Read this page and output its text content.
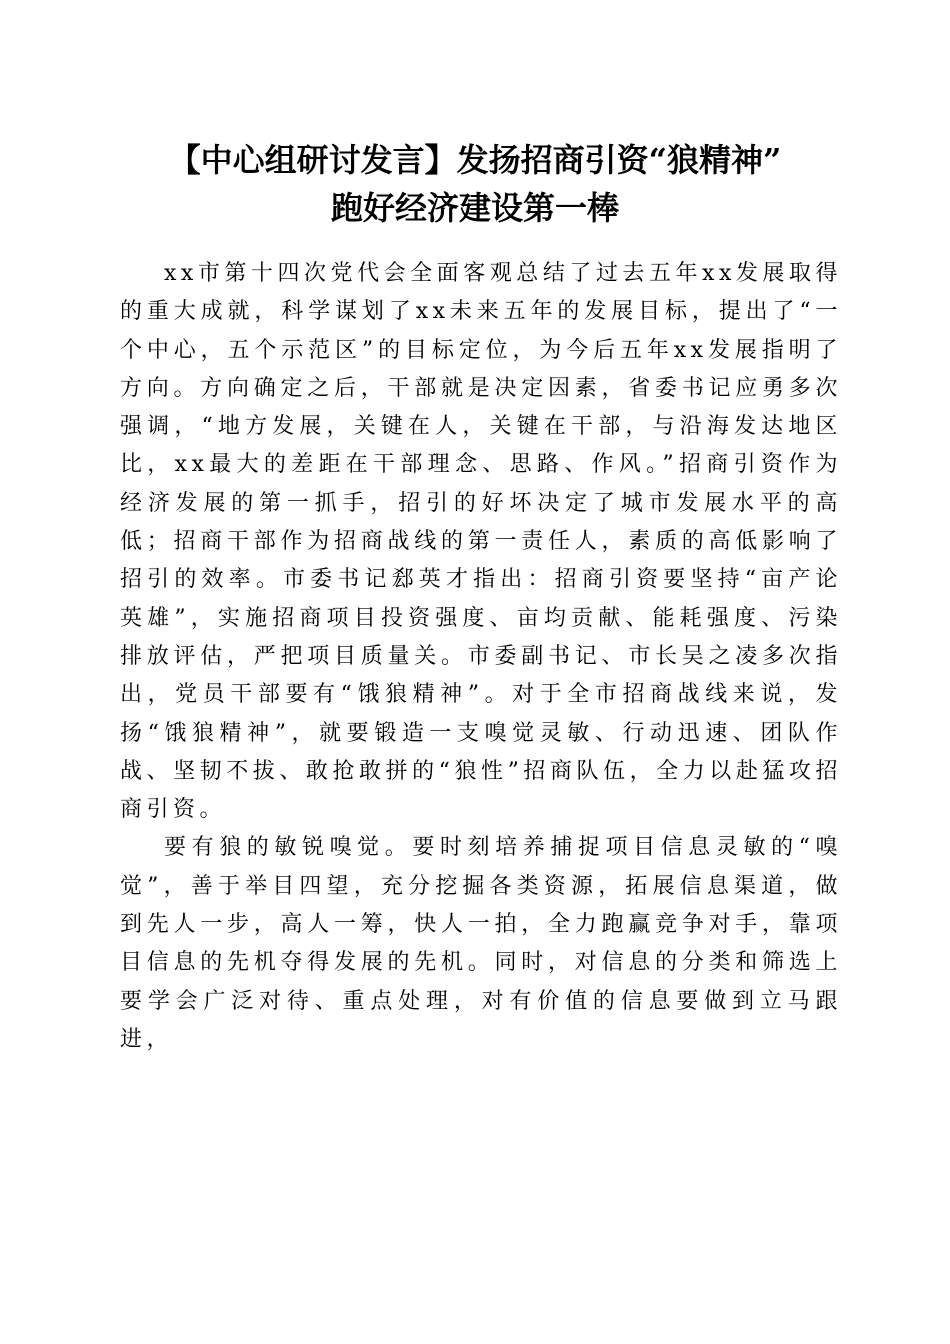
【中心组研讨发言】发扬招商引资“狼精神”
跑好经济建设第一棒

xx市第十四次党代会全面客观总结了过去五年xx发展取得的重大成就，科学谋划了xx未来五年的发展目标，提出了“一个中心，五个示范区”的目标定位，为今后五年xx发展指明了方向。方向确定之后，干部就是决定因素，省委书记应勇多次强调，“地方发展，关键在人，关键在干部，与沿海发达地区比，xx最大的差距在干部理念、思路、作风。”招商引资作为经济发展的第一抓手，招引的好坏决定了城市发展水平的高低；招商干部作为招商战线的第一责任人，素质的高低影响了招引的效率。市委书记郄英才指出：招商引资要坚持“亩产论英雄”，实施招商项目投资强度、亩均贡献、能耗强度、污染排放评估，严把项目质量关。市委副书记、市长吴之凌多次指出，党员干部要有“饿狼精神”。对于全市招商战线来说，发扬“饿狼精神”，就要锻造一支嗅觉灵敏、行动迅速、团队作战、坚韧不拔、敢抢敢拼的“狼性”招商队伍，全力以赴猛攻招商引资。

要有狼的敏锐嗅觉。要时刻培养捕捉项目信息灵敏的“嗅觉”，善于举目四望，充分挖掘各类资源，拓展信息渠道，做到先人一步，高人一筹，快人一拍，全力跑赢竞争对手，靠项目信息的先机夺得发展的先机。同时，对信息的分类和筛选上要学会广泛对待、重点处理，对有价值的信息要做到立马跟进，
